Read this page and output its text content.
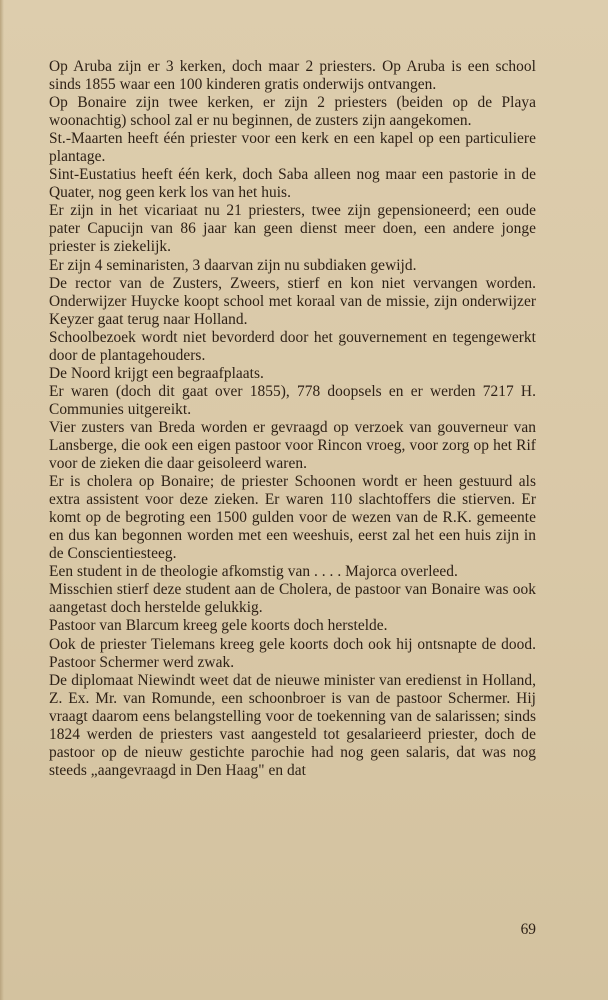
Op Aruba zijn er 3 kerken, doch maar 2 priesters. Op Aruba is een school sinds 1855 waar een 100 kinderen gratis onderwijs ontvangen.

Op Bonaire zijn twee kerken, er zijn 2 priesters (beiden op de Playa woonachtig) school zal er nu beginnen, de zusters zijn aangekomen.

St.-Maarten heeft één priester voor een kerk en een kapel op een particuliere plantage.

Sint-Eustatius heeft één kerk, doch Saba alleen nog maar een pastorie in de Quater, nog geen kerk los van het huis.

Er zijn in het vicariaat nu 21 priesters, twee zijn gepensioneerd; een oude pater Capucijn van 86 jaar kan geen dienst meer doen, een andere jonge priester is ziekelijk.

Er zijn 4 seminaristen, 3 daarvan zijn nu subdiaken gewijd.

De rector van de Zusters, Zweers, stierf en kon niet vervangen worden. Onderwijzer Huycke koopt school met koraal van de missie, zijn onderwijzer Keyzer gaat terug naar Holland.

Schoolbezoek wordt niet bevorderd door het gouvernement en tegengewerkt door de plantagehouders.

De Noord krijgt een begraafplaats.

Er waren (doch dit gaat over 1855), 778 doopsels en er werden 7217 H. Communies uitgereikt.

Vier zusters van Breda worden er gevraagd op verzoek van gouverneur van Lansberge, die ook een eigen pastoor voor Rincon vroeg, voor zorg op het Rif voor de zieken die daar geisoleerd waren.

Er is cholera op Bonaire; de priester Schoonen wordt er heen gestuurd als extra assistent voor deze zieken. Er waren 110 slachtoffers die stierven. Er komt op de begroting een 1500 gulden voor de wezen van de R.K. gemeente en dus kan begonnen worden met een weeshuis, eerst zal het een huis zijn in de Conscientiesteeg.

Een student in de theologie afkomstig van . . . . Majorca overleed.

Misschien stierf deze student aan de Cholera, de pastoor van Bonaire was ook aangetast doch herstelde gelukkig.

Pastoor van Blarcum kreeg gele koorts doch herstelde.

Ook de priester Tielemans kreeg gele koorts doch ook hij ontsnapte de dood. Pastoor Schermer werd zwak.

De diplomaat Niewindt weet dat de nieuwe minister van eredienst in Holland, Z. Ex. Mr. van Romunde, een schoonbroer is van de pastoor Schermer. Hij vraagt daarom eens belangstelling voor de toekenning van de salarissen; sinds 1824 werden de priesters vast aangesteld tot gesalarieerd priester, doch de pastoor op de nieuw gestichte parochie had nog geen salaris, dat was nog steeds „aangevraagd in Den Haag" en dat

69
